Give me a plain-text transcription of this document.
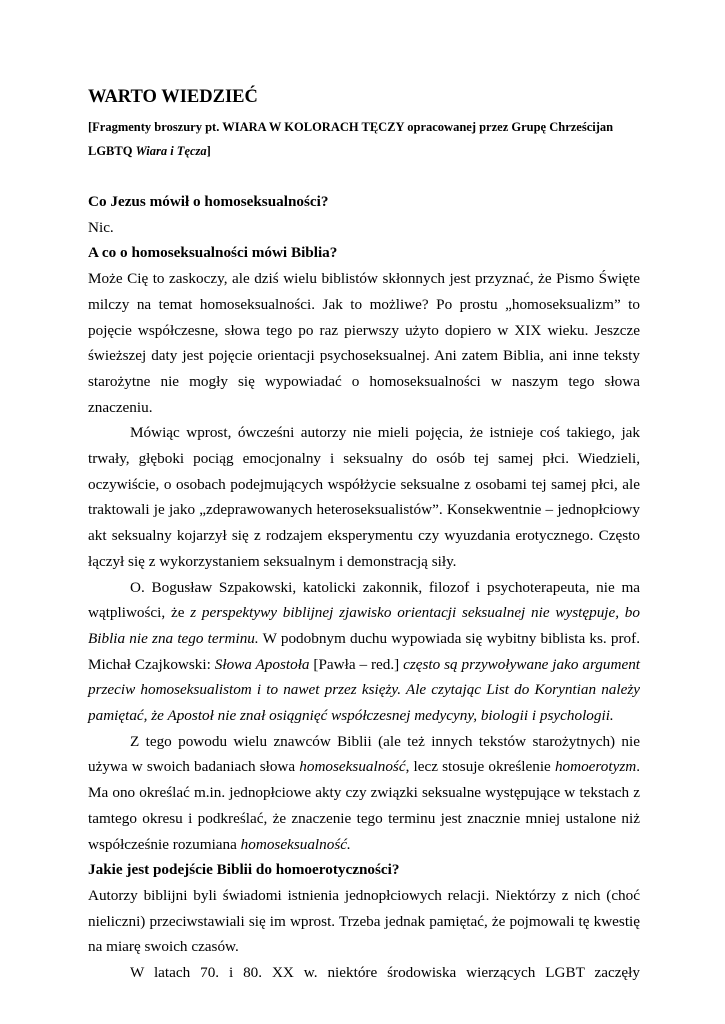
WARTO WIEDZIEĆ

[Fragmenty broszury pt. WIARA W KOLORACH TĘCZY opracowanej przez Grupę Chrześcijan LGBTQ Wiara i Tęcza]

Co Jezus mówił o homoseksualności?

Nic.

A co o homoseksualności mówi Biblia?

Może Cię to zaskoczy, ale dziś wielu biblistów skłonnych jest przyznać, że Pismo Święte milczy na temat homoseksualności. Jak to możliwe? Po prostu „homoseksualizm” to pojęcie współczesne, słowa tego po raz pierwszy użyto dopiero w XIX wieku. Jeszcze świeższej daty jest pojęcie orientacji psychoseksualnej. Ani zatem Biblia, ani inne teksty starożytne nie mogły się wypowiadać o homoseksualności w naszym tego słowa znaczeniu.

Mówiąc wprost, ówcześni autorzy nie mieli pojęcia, że istnieje coś takiego, jak trwały, głęboki pociąg emocjonalny i seksualny do osób tej samej płci. Wiedzieli, oczywiście, o osobach podejmujących współżycie seksualne z osobami tej samej płci, ale traktowali je jako „zdeprawowanych heteroseksualistów”. Konsekwentnie – jednopłciowy akt seksualny kojarzył się z rodzajem eksperymentu czy wyuzdania erotycznego. Często łączył się z wykorzystaniem seksualnym i demonstracją siły.

O. Bogusław Szpakowski, katolicki zakonnik, filozof i psychoterapeuta, nie ma wątpliwości, że z perspektywy biblijnej zjawisko orientacji seksualnej nie występuje, bo Biblia nie zna tego terminu. W podobnym duchu wypowiada się wybitny biblista ks. prof. Michał Czajkowski: Słowa Apostoła [Pawła – red.] często są przywoływane jako argument przeciw homoseksualistom i to nawet przez księży. Ale czytając List do Koryntian należy pamiętać, że Apostoł nie znał osiągnięć współczesnej medycyny, biologii i psychologii.

Z tego powodu wielu znawców Biblii (ale też innych tekstów starożytnych) nie używa w swoich badaniach słowa homoseksualność, lecz stosuje określenie homoerotyzm. Ma ono określać m.in. jednopłciowe akty czy związki seksualne występujące w tekstach z tamtego okresu i podkreślać, że znaczenie tego terminu jest znacznie mniej ustalone niż współcześnie rozumiana homoseksualność.

Jakie jest podejście Biblii do homoerotyczności?

Autorzy biblijni byli świadomi istnienia jednopłciowych relacji. Niektórzy z nich (choć nieliczni) przeciwstawiali się im wprost. Trzeba jednak pamiętać, że pojmowali tę kwestię na miarę swoich czasów.

W latach 70. i 80. XX w. niektóre środowiska wierzących LGBT zaczęły
